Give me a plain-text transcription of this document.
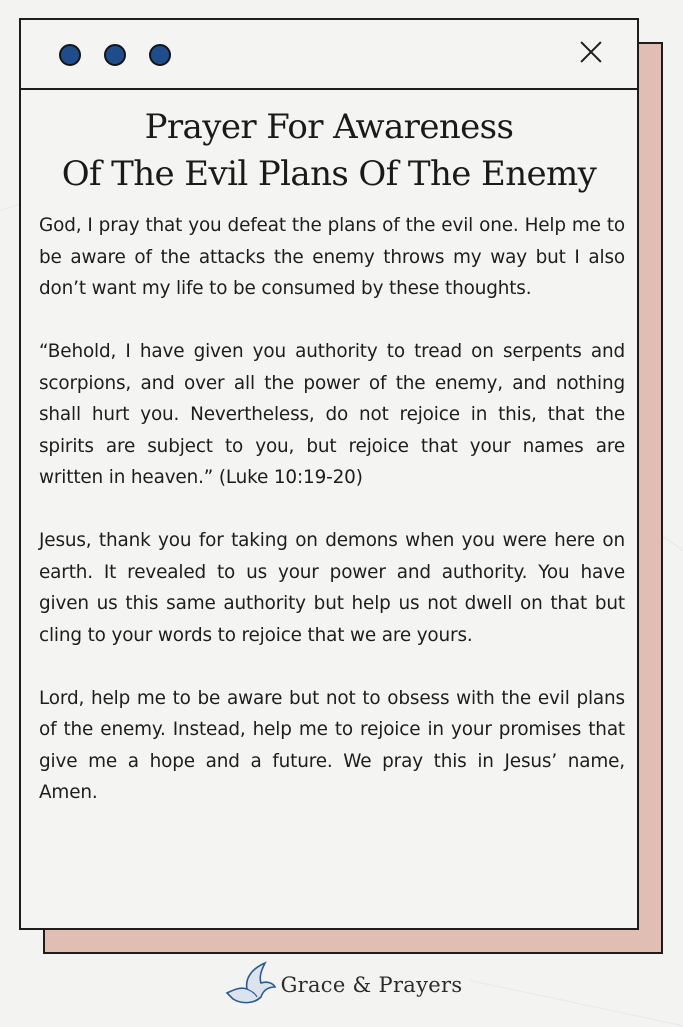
Prayer For Awareness
Of The Evil Plans Of The Enemy

God, I pray that you defeat the plans of the evil one. Help me to be aware of the attacks the enemy throws my way but I also don’t want my life to be consumed by these thoughts.

“Behold, I have given you authority to tread on serpents and scorpions, and over all the power of the enemy, and nothing shall hurt you. Nevertheless, do not rejoice in this, that the spirits are subject to you, but rejoice that your names are written in heaven.” (Luke 10:19-20)

Jesus, thank you for taking on demons when you were here on earth. It revealed to us your power and authority. You have given us this same authority but help us not dwell on that but cling to your words to rejoice that we are yours.

Lord, help me to be aware but not to obsess with the evil plans of the enemy. Instead, help me to rejoice in your promises that give me a hope and a future. We pray this in Jesus’ name, Amen.

Grace & Prayers
